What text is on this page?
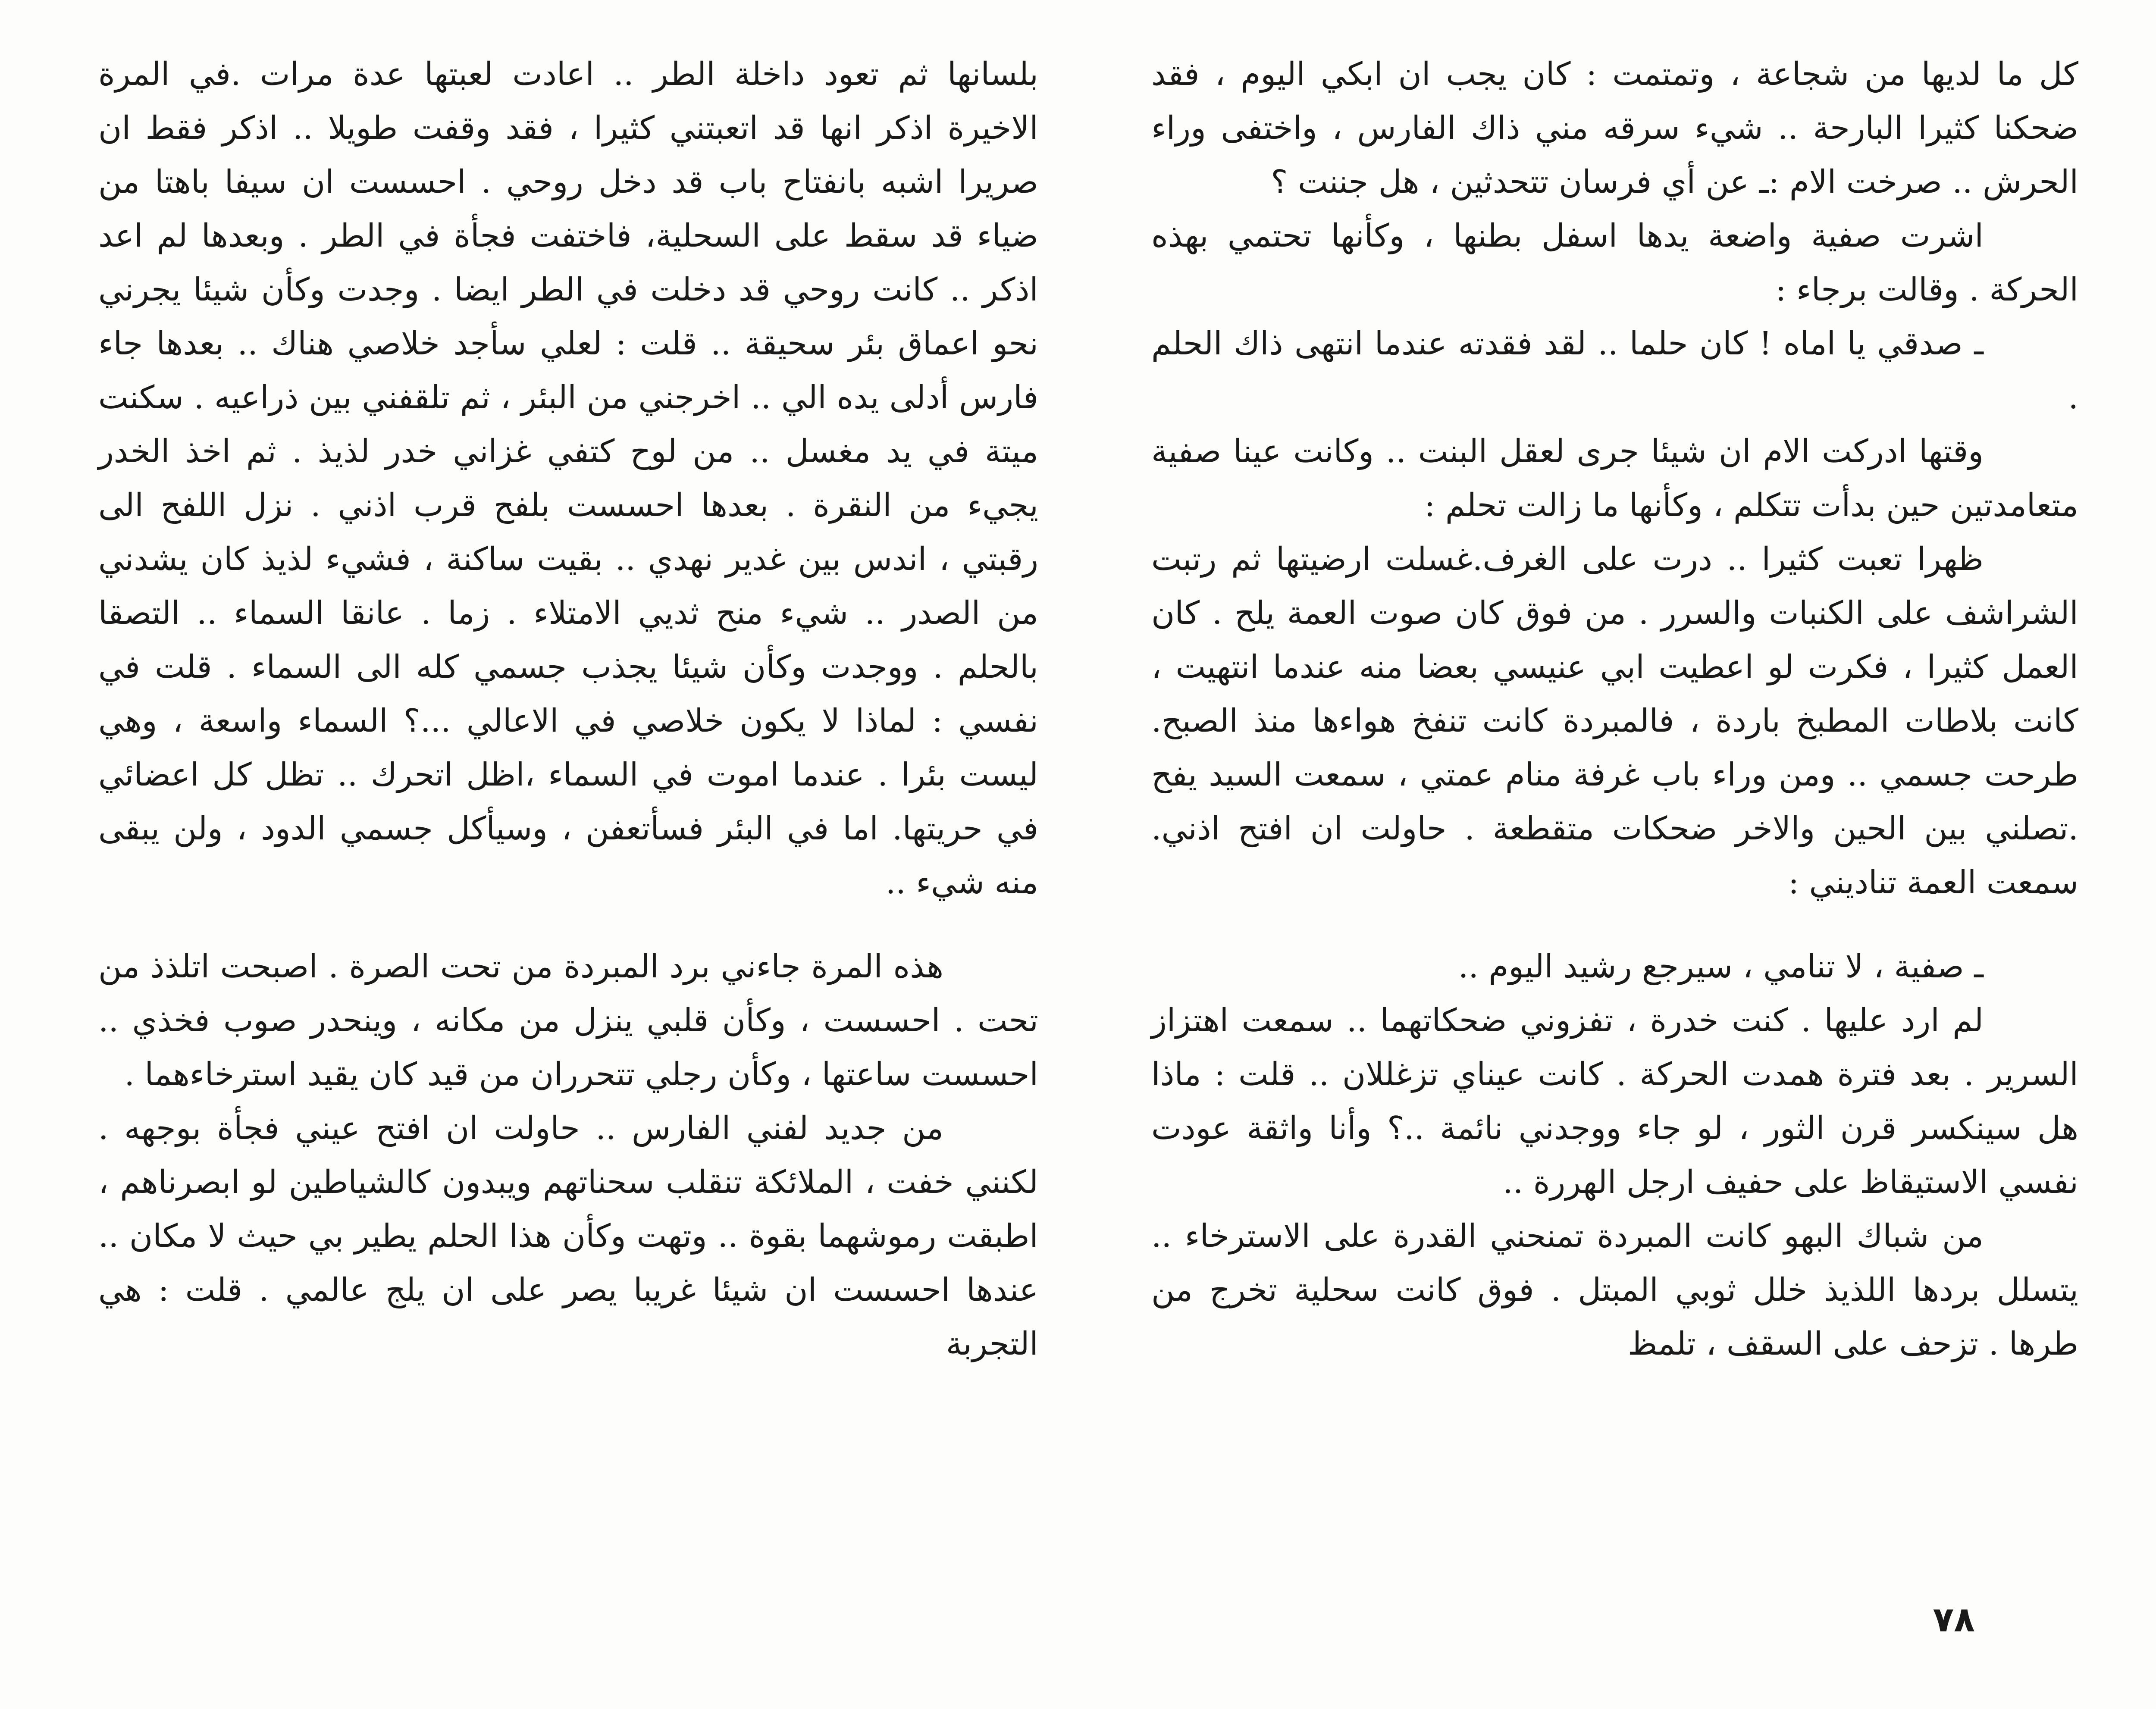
كل ما لديها من شجاعة ، وتمتمت : كان يجب ان ابكي اليوم ، فقد ضحكنا كثيرا البارحة .. شيء سرقه مني ذاك الفارس ، واختفى وراء الحرش .. صرخت الام :ـ عن أي فرسان تتحدثين ، هل جننت ؟

اشرت صفية واضعة يدها اسفل بطنها ، وكأنها تحتمي بهذه الحركة . وقالت برجاء :

ـ صدقي يا اماه ! كان حلما .. لقد فقدته عندما انتهى ذاك الحلم .

وقتها ادركت الام ان شيئا جرى لعقل البنت .. وكانت عينا صفية متعامدتين حين بدأت تتكلم ، وكأنها ما زالت تحلم :

ظهرا تعبت كثيرا .. درت على الغرف.غسلت ارضيتها ثم رتبت الشراشف على الكنبات والسرر . من فوق كان صوت العمة يلح . كان العمل كثيرا ، فكرت لو اعطيت ابي عنيسي بعضا منه عندما انتهيت ، كانت بلاطات المطبخ باردة ، فالمبردة كانت تنفخ هواءها منذ الصبح. طرحت جسمي .. ومن وراء باب غرفة منام عمتي ، سمعت السيد يفح .تصلني بين الحين والاخر ضحكات متقطعة . حاولت ان افتح اذني. سمعت العمة تناديني :

ـ صفية ، لا تنامي ، سيرجع رشيد اليوم ..

لم ارد عليها . كنت خدرة ، تفزوني ضحكاتهما .. سمعت اهتزاز السرير . بعد فترة همدت الحركة . كانت عيناي تزغللان .. قلت : ماذا هل سينكسر قرن الثور ، لو جاء ووجدني نائمة ..؟ وأنا واثقة عودت نفسي الاستيقاظ على حفيف ارجل الهررة ..

من شباك البهو كانت المبردة تمنحني القدرة على الاسترخاء .. يتسلل بردها اللذيذ خلل ثوبي المبتل . فوق كانت سحلية تخرج من طرها . تزحف على السقف ، تلمظ

بلسانها ثم تعود داخلة الطر .. اعادت لعبتها عدة مرات .في المرة الاخيرة اذكر انها قد اتعبتني كثيرا ، فقد وقفت طويلا .. اذكر فقط ان صريرا اشبه بانفتاح باب قد دخل روحي . احسست ان سيفا باهتا من ضياء قد سقط على السحلية، فاختفت فجأة في الطر . وبعدها لم اعد اذكر .. كانت روحي قد دخلت في الطر ايضا . وجدت وكأن شيئا يجرني نحو اعماق بئر سحيقة .. قلت : لعلي سأجد خلاصي هناك .. بعدها جاء فارس أدلى يده الي .. اخرجني من البئر ، ثم تلقفني بين ذراعيه . سكنت ميتة في يد مغسل .. من لوح كتفي غزاني خدر لذيذ . ثم اخذ الخدر يجيء من النقرة . بعدها احسست بلفح قرب اذني . نزل اللفح الى رقبتي ، اندس بين غدير نهدي .. بقيت ساكنة ، فشيء لذيذ كان يشدني من الصدر .. شيء منح ثديي الامتلاء . زما . عانقا السماء .. التصقا بالحلم . ووجدت وكأن شيئا يجذب جسمي كله الى السماء . قلت في نفسي : لماذا لا يكون خلاصي في الاعالي ...؟ السماء واسعة ، وهي ليست بئرا . عندما اموت في السماء ،اظل اتحرك .. تظل كل اعضائي في حريتها. اما في البئر فسأتعفن ، وسيأكل جسمي الدود ، ولن يبقى منه شيء ..

هذه المرة جاءني برد المبردة من تحت الصرة . اصبحت اتلذذ من تحت . احسست ، وكأن قلبي ينزل من مكانه ، وينحدر صوب فخذي .. احسست ساعتها ، وكأن رجلي تتحرران من قيد كان يقيد استرخاءهما .

من جديد لفني الفارس .. حاولت ان افتح عيني فجأة بوجهه . لكنني خفت ، الملائكة تنقلب سحناتهم ويبدون كالشياطين لو ابصرناهم ، اطبقت رموشهما بقوة .. وتهت وكأن هذا الحلم يطير بي حيث لا مكان .. عندها احسست ان شيئا غريبا يصر على ان يلج عالمي . قلت : هي التجربة

٧٨
